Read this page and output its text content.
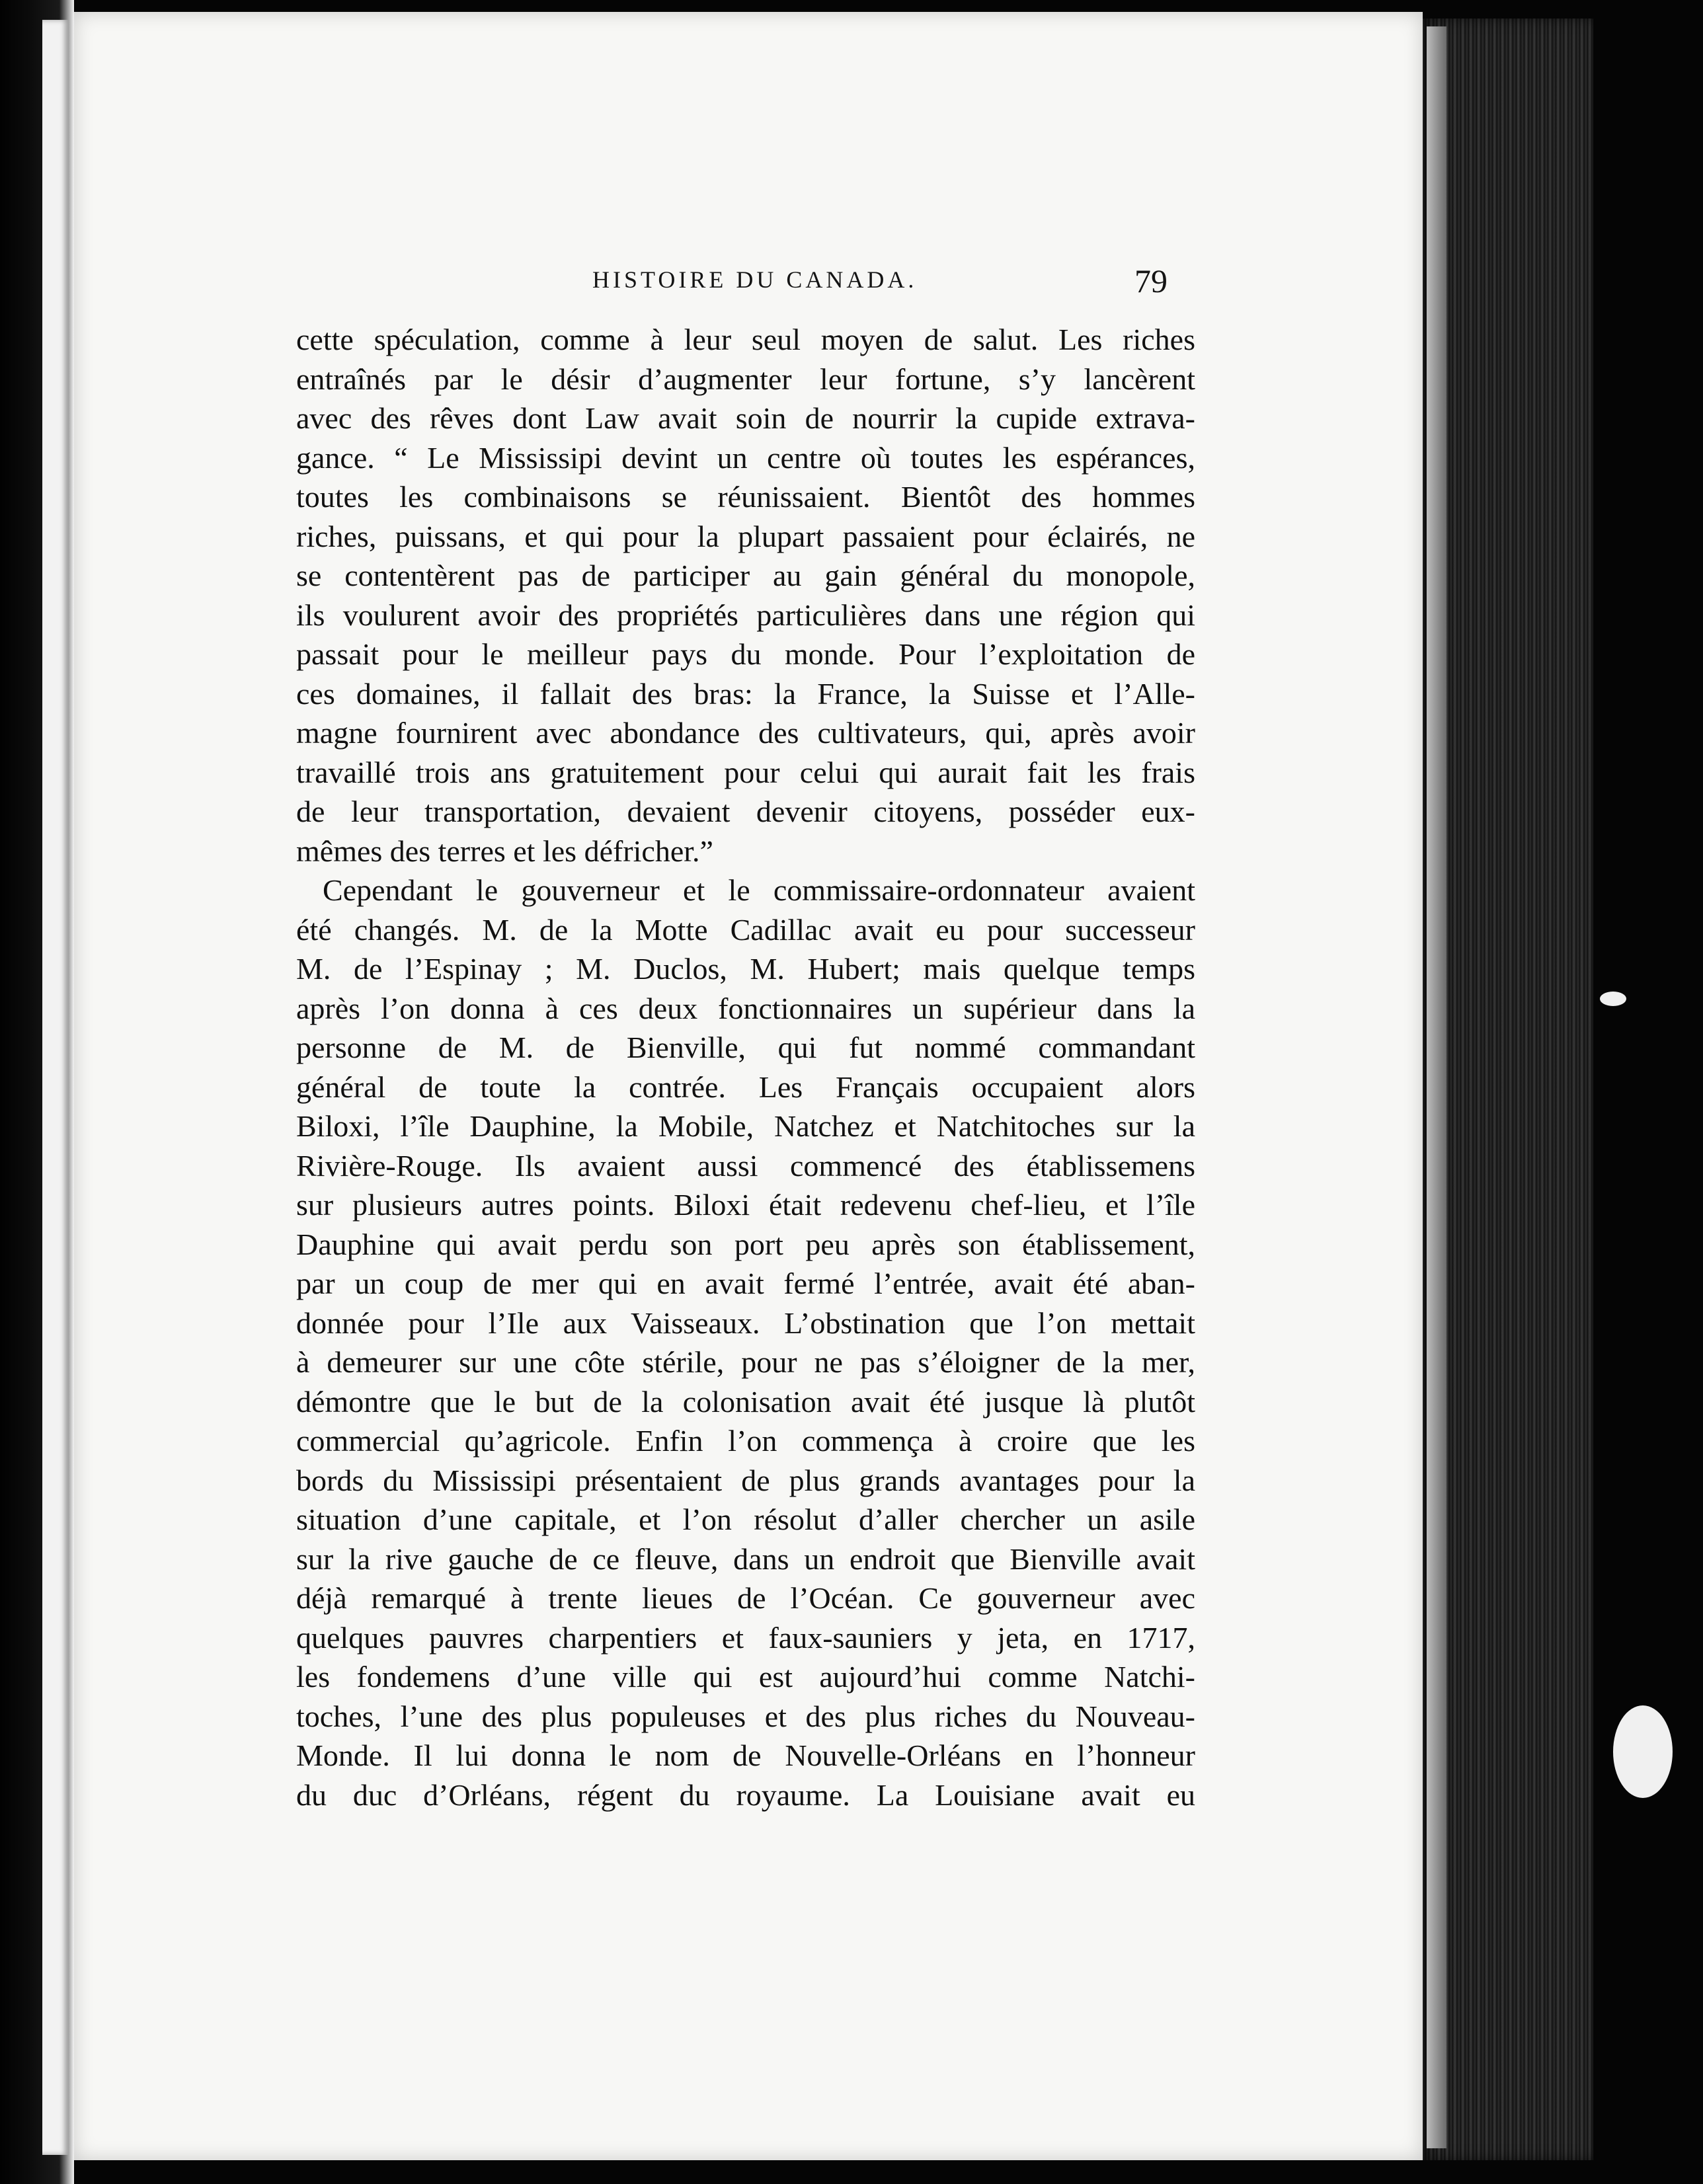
HISTOIRE DU CANADA.	79
cette spéculation, comme à leur seul moyen de salut. Les riches
entraînés par le désir d’augmenter leur fortune, s’y lancèrent
avec des rêves dont Law avait soin de nourrir la cupide extrava-
gance. “ Le Mississipi devint un centre où toutes les espérances,
toutes les combinaisons se réunissaient. Bientôt des hommes
riches, puissans, et qui pour la plupart passaient pour éclairés, ne
se contentèrent pas de participer au gain général du monopole,
ils voulurent avoir des propriétés particulières dans une région qui
passait pour le meilleur pays du monde. Pour l’exploitation de
ces domaines, il fallait des bras: la France, la Suisse et l’Alle-
magne fournirent avec abondance des cultivateurs, qui, après avoir
travaillé trois ans gratuitement pour celui qui aurait fait les frais
de leur transportation, devaient devenir citoyens, posséder eux-
mêmes des terres et les défricher.”
Cependant le gouverneur et le commissaire-ordonnateur avaient
été changés. M. de la Motte Cadillac avait eu pour successeur
M. de l’Espinay ; M. Duclos, M. Hubert; mais quelque temps
après l’on donna à ces deux fonctionnaires un supérieur dans la
personne de M. de Bienville, qui fut nommé commandant
général de toute la contrée. Les Français occupaient alors
Biloxi, l’île Dauphine, la Mobile, Natchez et Natchitoches sur la
Rivière-Rouge. Ils avaient aussi commencé des établissemens
sur plusieurs autres points. Biloxi était redevenu chef-lieu, et l’île
Dauphine qui avait perdu son port peu après son établissement,
par un coup de mer qui en avait fermé l’entrée, avait été aban-
donnée pour l’Ile aux Vaisseaux. L’obstination que l’on mettait
à demeurer sur une côte stérile, pour ne pas s’éloigner de la mer,
démontre que le but de la colonisation avait été jusque là plutôt
commercial qu’agricole. Enfin l’on commença à croire que les
bords du Mississipi présentaient de plus grands avantages pour la
situation d’une capitale, et l’on résolut d’aller chercher un asile
sur la rive gauche de ce fleuve, dans un endroit que Bienville avait
déjà remarqué à trente lieues de l’Océan. Ce gouverneur avec
quelques pauvres charpentiers et faux-sauniers y jeta, en 1717,
les fondemens d’une ville qui est aujourd’hui comme Natchi-
toches, l’une des plus populeuses et des plus riches du Nouveau-
Monde. Il lui donna le nom de Nouvelle-Orléans en l’honneur
du duc d’Orléans, régent du royaume. La Louisiane avait eu
